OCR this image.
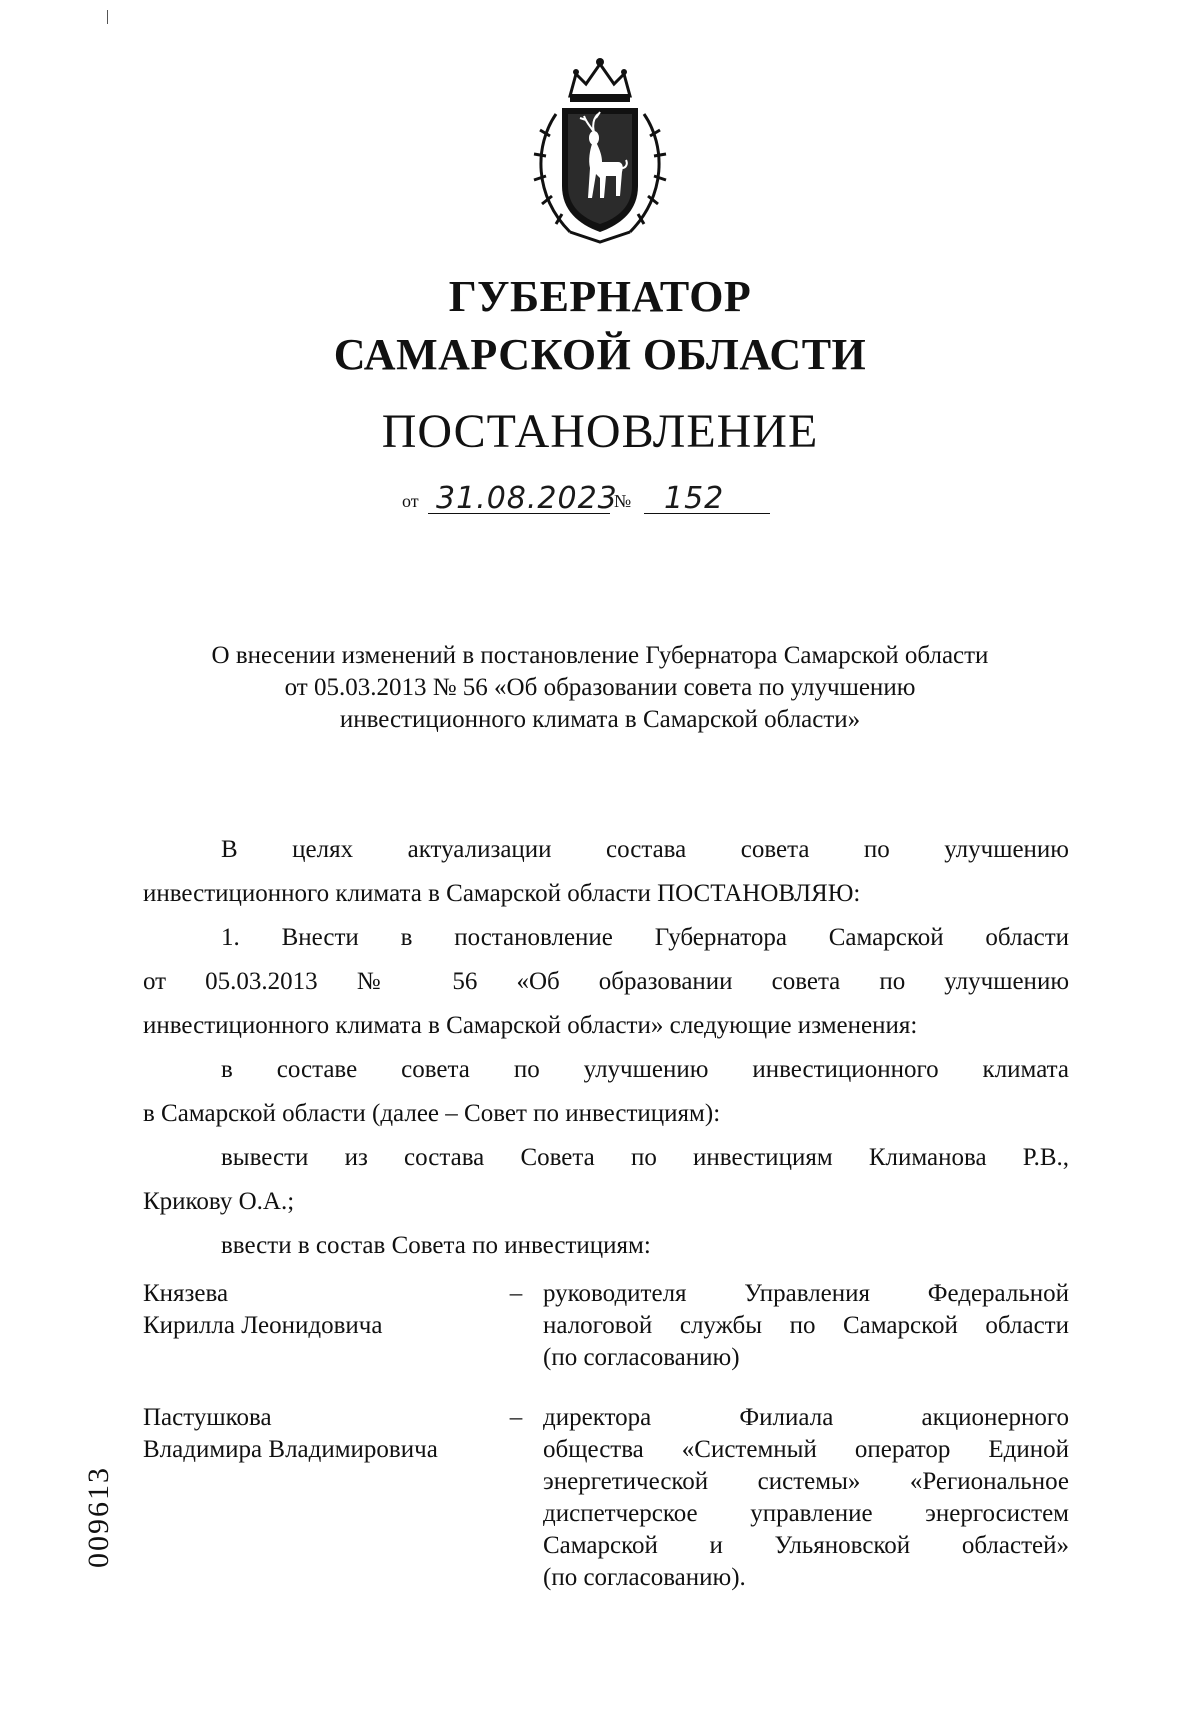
ГУБЕРНАТОР
САМАРСКОЙ ОБЛАСТИ
ПОСТАНОВЛЕНИЕ
от 31.08.2023
№ 152
О внесении изменений в постановление Губернатора Самарской области
от 05.03.2013 № 56 «Об образовании совета по улучшению
инвестиционного климата в Самарской области»

В целях актуализации состава совета по улучшению

инвестиционного климата в Самарской области ПОСТАНОВЛЯЮ:

1. Внести в постановление Губернатора Самарской области

от 05.03.2013 № 56 «Об образовании совета по улучшению

инвестиционного климата в Самарской области» следующие изменения:

в составе совета по улучшению инвестиционного климата

в Самарской области (далее – Совет по инвестициям):

вывести из состава Совета по инвестициям Климанова Р.В.,

Крикову О.А.;

ввести в состав Совета по инвестициям:

Князева
Кирилла Леонидовича
– руководителя Управления Федеральной
налоговой службы по Самарской области
(по согласованию)
Пастушкова
Владимира Владимировича
– директора Филиала акционерного
общества «Системный оператор Единой
энергетической системы» «Региональное
диспетчерское управление энергосистем
Самарской и Ульяновской областей»
(по согласованию).
009613
